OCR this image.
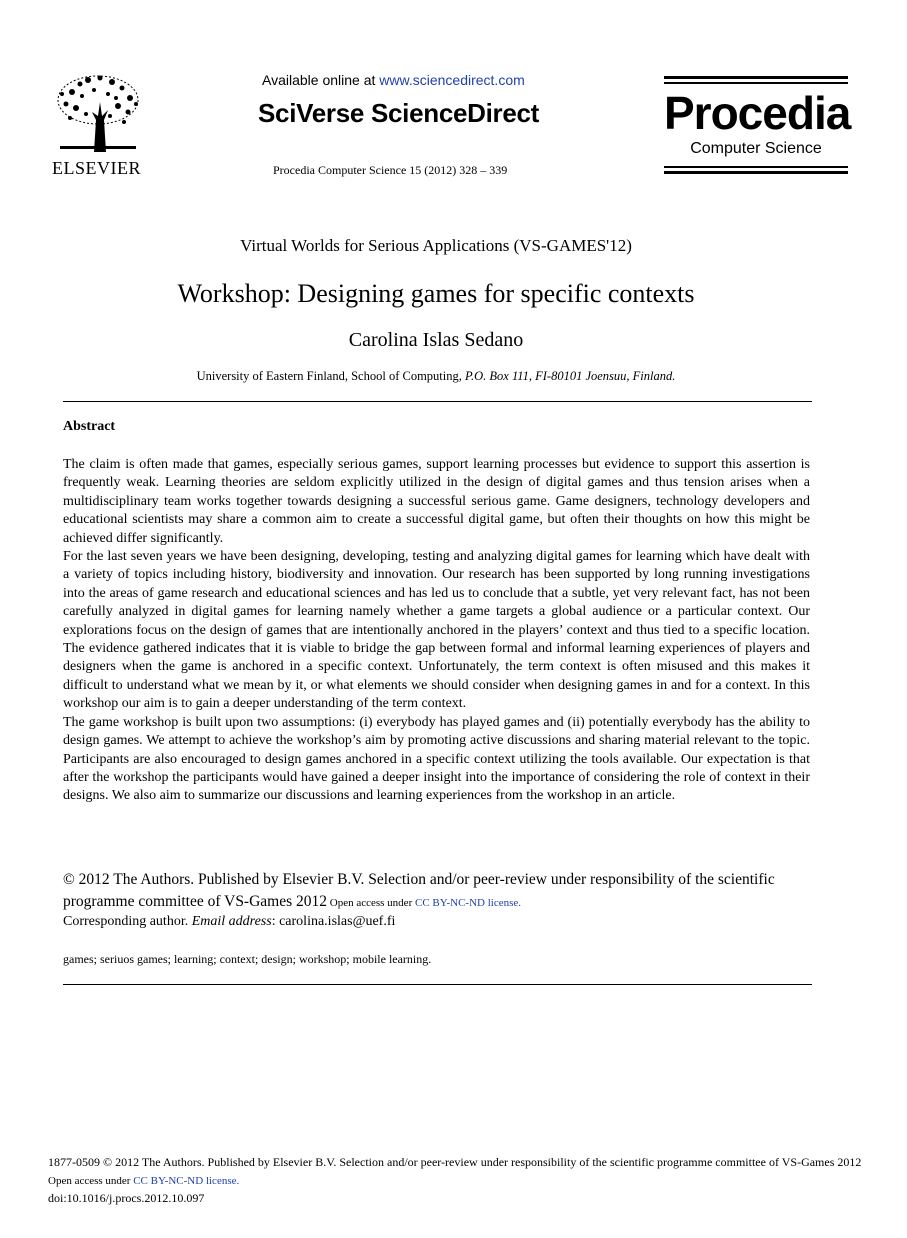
ELSEVIER
Available online at www.sciencedirect.com
SciVerse ScienceDirect
Procedia Computer Science 15 (2012) 328 – 339
Procedia
Computer Science
Virtual Worlds for Serious Applications (VS-GAMES'12)
Workshop: Designing games for specific contexts
Carolina Islas Sedano
University of Eastern Finland, School of Computing, P.O. Box 111, FI-80101 Joensuu, Finland.
Abstract

The claim is often made that games, especially serious games, support learning processes but evidence to support this assertion is frequently weak. Learning theories are seldom explicitly utilized in the design of digital games and thus tension arises when a multidisciplinary team works together towards designing a successful serious game. Game designers, technology developers and educational scientists may share a common aim to create a successful digital game, but often their thoughts on how this might be achieved differ significantly.

For the last seven years we have been designing, developing, testing and analyzing digital games for learning which have dealt with a variety of topics including history, biodiversity and innovation. Our research has been supported by long running investigations into the areas of game research and educational sciences and has led us to conclude that a subtle, yet very relevant fact, has not been carefully analyzed in digital games for learning namely whether a game targets a global audience or a particular context. Our explorations focus on the design of games that are intentionally anchored in the players’ context and thus tied to a specific location. The evidence gathered indicates that it is viable to bridge the gap between formal and informal learning experiences of players and designers when the game is anchored in a specific context. Unfortunately, the term context is often misused and this makes it difficult to understand what we mean by it, or what elements we should consider when designing games in and for a context. In this workshop our aim is to gain a deeper understanding of the term context.

The game workshop is built upon two assumptions: (i) everybody has played games and (ii) potentially everybody has the ability to design games. We attempt to achieve the workshop’s aim by promoting active discussions and sharing material relevant to the topic. Participants are also encouraged to design games anchored in a specific context utilizing the tools available. Our expectation is that after the workshop the participants would have gained a deeper insight into the importance of considering the role of context in their designs. We also aim to summarize our discussions and learning experiences from the workshop in an article.

© 2012 The Authors. Published by Elsevier B.V. Selection and/or peer-review under responsibility of the scientific programme committee of VS-Games 2012 Open access under CC BY-NC-ND license.
Corresponding author. Email address: carolina.islas@uef.fi
games; seriuos games; learning; context; design; workshop; mobile learning.
1877-0509 © 2012 The Authors. Published by Elsevier B.V. Selection and/or peer-review under responsibility of the scientific programme committee of VS-Games 2012 Open access under CC BY-NC-ND license.
doi:10.1016/j.procs.2012.10.097
